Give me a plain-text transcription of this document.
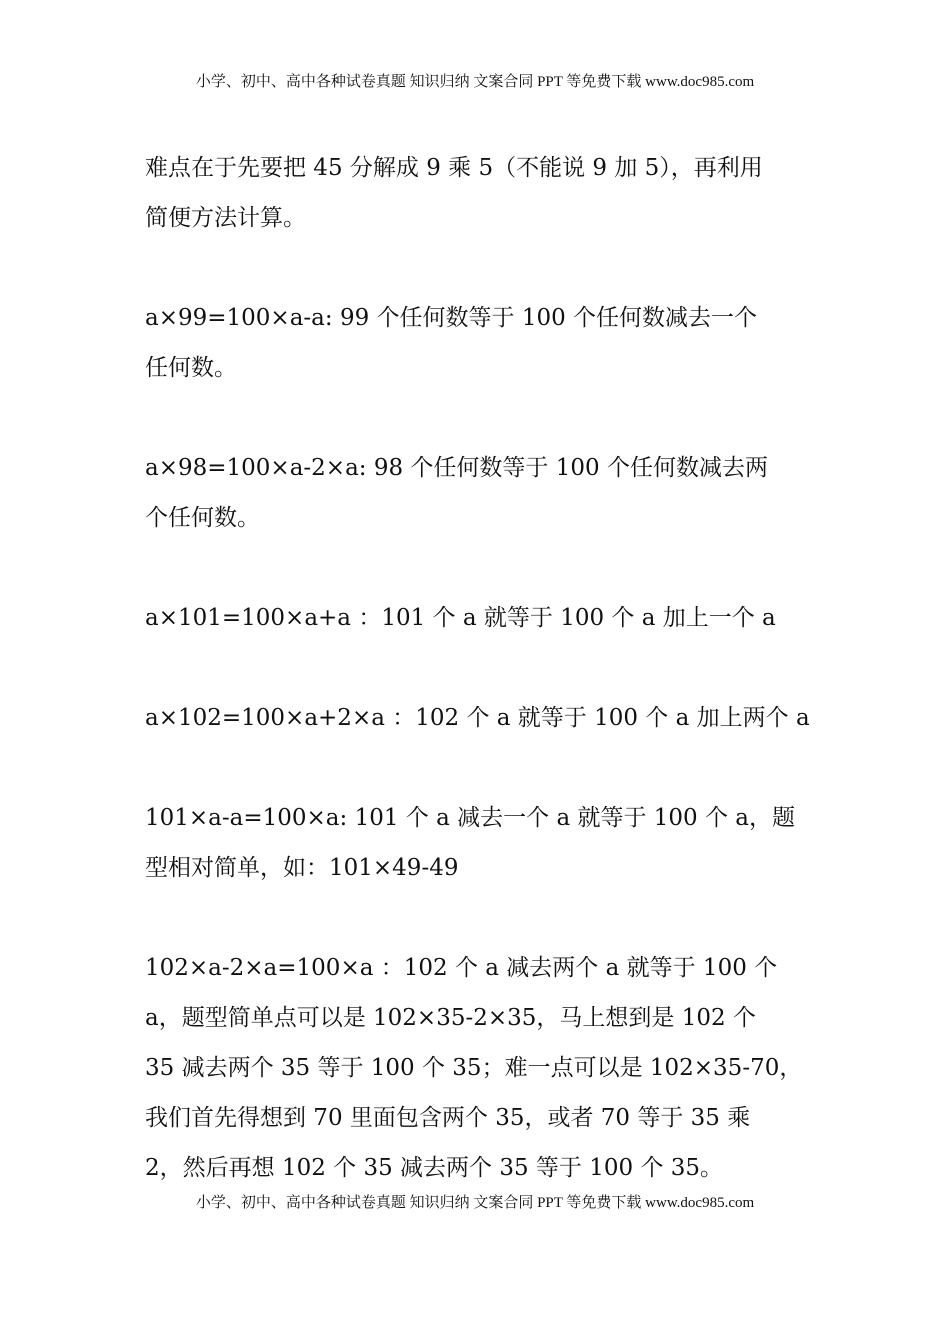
小学、初中、高中各种试卷真题 知识归纳 文案合同 PPT 等免费下载 www.doc985.com
难点在于先要把 45 分解成 9 乘 5（不能说 9 加 5），再利用
简便方法计算。
a×99=100×a-a: 99 个任何数等于 100 个任何数减去一个
任何数。
a×98=100×a-2×a: 98 个任何数等于 100 个任何数减去两
个任何数。
a×101=100×a+a ：101 个 a 就等于 100 个 a 加上一个 a
a×102=100×a+2×a ：102 个 a 就等于 100 个 a 加上两个 a
101×a-a=100×a: 101 个 a 减去一个 a 就等于 100 个 a，题
型相对简单，如：101×49-49
102×a-2×a=100×a ：102 个 a 减去两个 a 就等于 100 个
a，题型简单点可以是 102×35-2×35，马上想到是 102 个
35 减去两个 35 等于 100 个 35；难一点可以是 102×35-70，
我们首先得想到 70 里面包含两个 35，或者 70 等于 35 乘
2，然后再想 102 个 35 减去两个 35 等于 100 个 35。
小学、初中、高中各种试卷真题 知识归纳 文案合同 PPT 等免费下载 www.doc985.com
